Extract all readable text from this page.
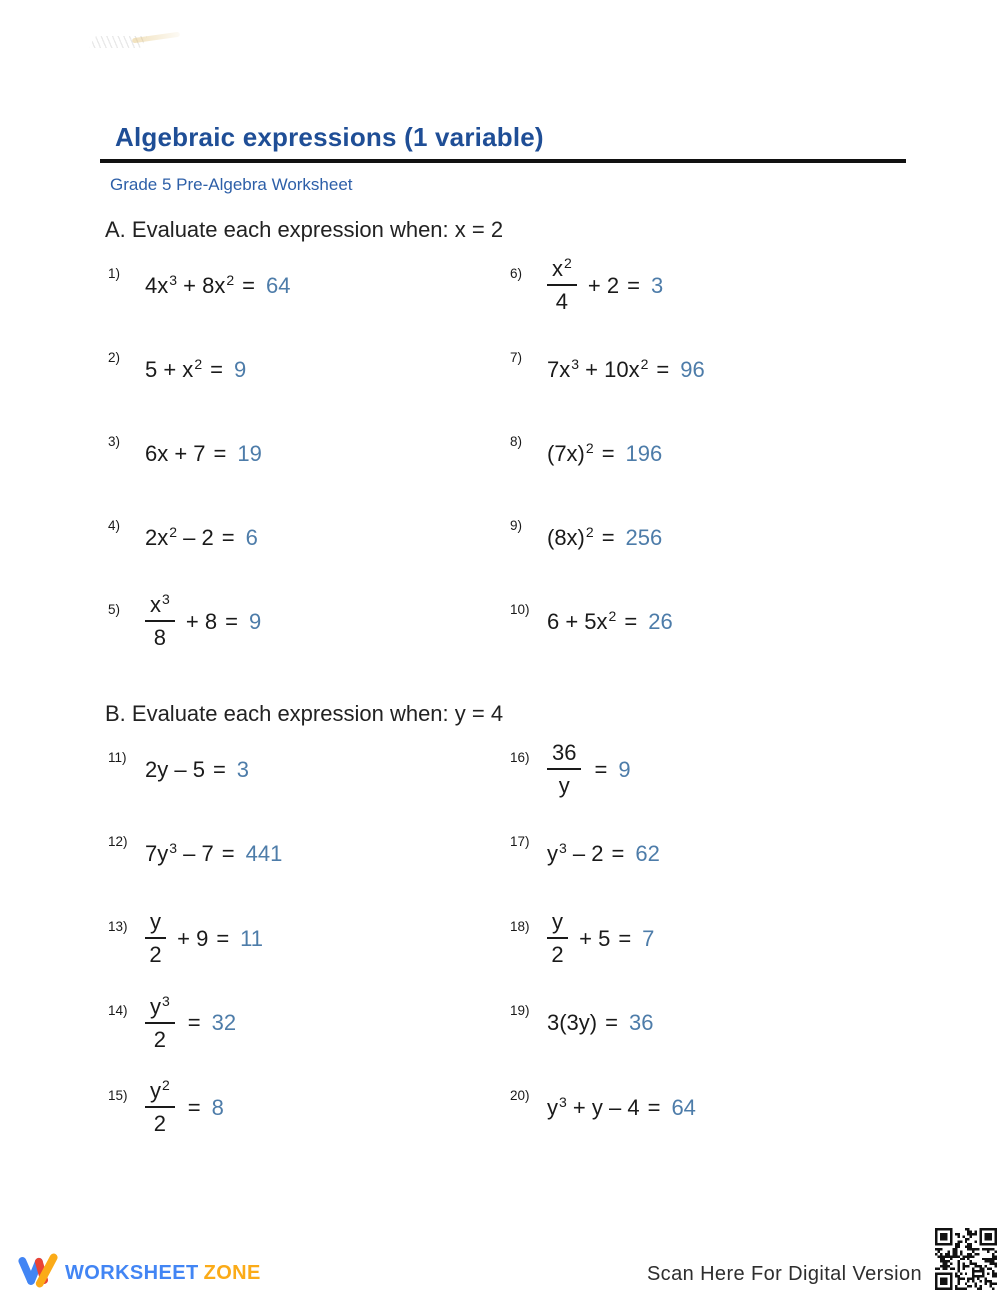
Algebraic expressions (1 variable)
Grade 5 Pre-Algebra Worksheet
A. Evaluate each expression when: x = 2
1)	$4x^3 + 8x^2 = 64$
2)	$5 + x^2 = 9$
3)	6x + 7 = 19
4)	$2x^2 - 2 = 6$
5)	$\frac{x^3}{8} + 8 = 9$
6)	$\frac{x^2}{4} + 2 = 3$
7)	$7x^3 + 10x^2 = 96$
8)	$(7x)^2 = 196$
9)	$(8x)^2 = 256$
10) $6 + 5x^2 = 26$
B. Evaluate each expression when: y = 4
11) 2y – 5 = 3
12) $7y^3 - 7 = 441$
$13) \frac{y}{2} + 9 = 11$
$14) \frac{y^3}{2} = 32$
$15) \frac{y^2}{2} = 8$
$16) \frac{36}{y} = 9$
17) $y^3 - 2 = 62$
$18) \frac{y}{2} + 5 = 7$
19) 3(3y) = 36
20) $y^3 + y - 4 = 64$
WORKSHEET ZONE	Scan Here For Digital Version
